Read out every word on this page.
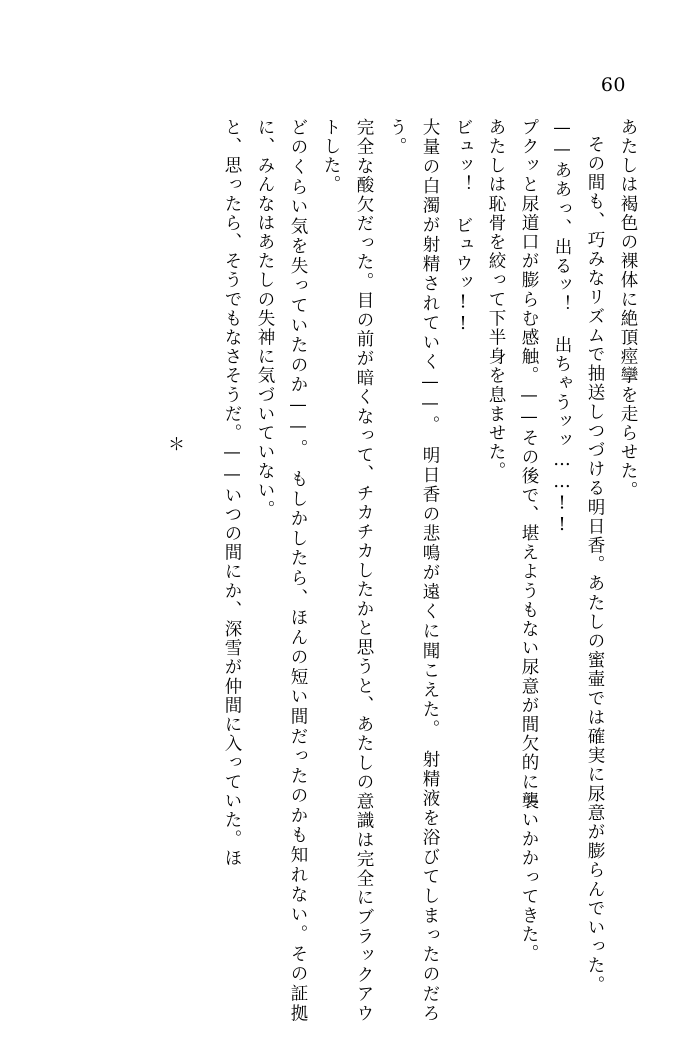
60
＊	あたしは褐色の裸体に絶頂痙攣を走らせた。

その間も、巧みなリズムで抽送しつづける明日香。あたしの蜜壷では確実に尿意が膨らんでいった。

——ああっ、出るッ！ 出ちゃうッッ……!!

プクッと尿道口が膨らむ感触。——その後で、堪えようもない尿意が間欠的に襲いかかってきた。

あたしは恥骨を絞って下半身を息ませた。

ビュッ！ ビュウッ!!

大量の白濁が射精されていく——。　明日香の悲鳴が遠くに聞こえた。　射精液を浴びてしまったのだろう。

完全な酸欠だった。目の前が暗くなって、チカチカしたかと思うと、あたしの意識は完全にブラックアウトした。

どのくらい気を失っていたのか——。　もしかしたら、ほんの短い間だったのかも知れない。その証拠に、みんなはあたしの失神に気づいていない。

と、思ったら、そうでもなさそうだ。——いつの間にか、深雪が仲間に入っていた。ほ
